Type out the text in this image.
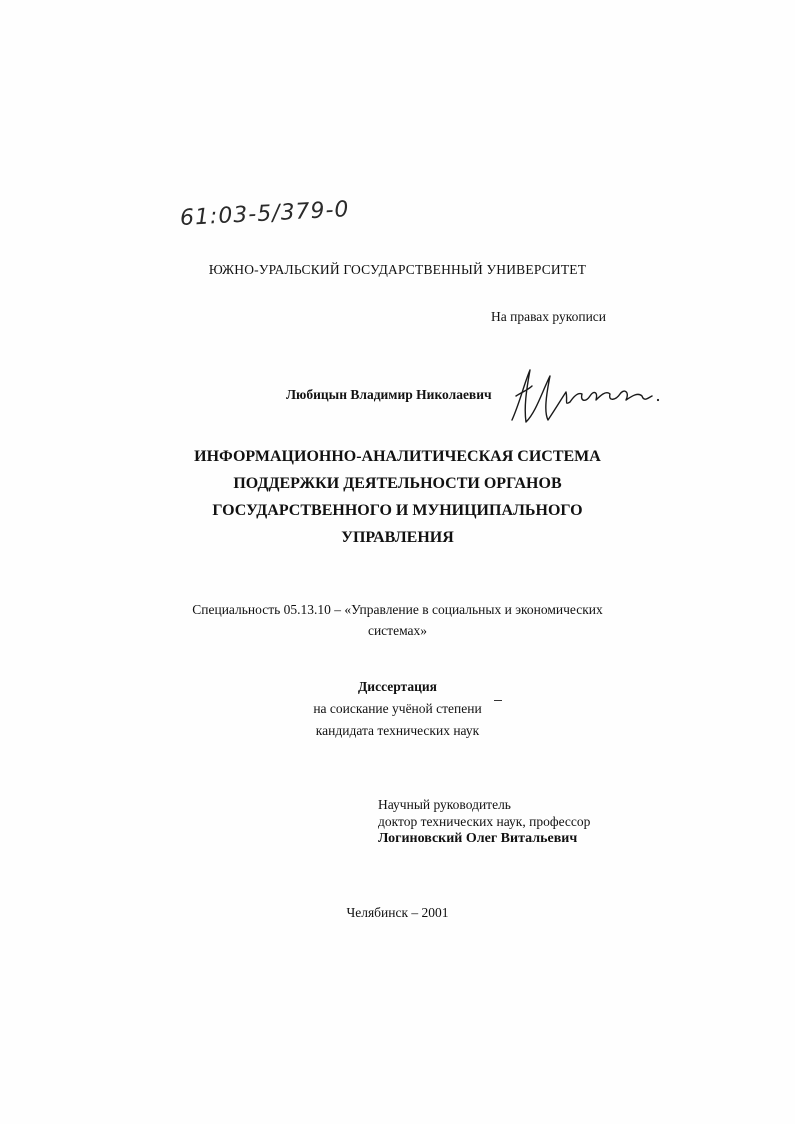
61:03-5/379-0
ЮЖНО-УРАЛЬСКИЙ ГОСУДАРСТВЕННЫЙ УНИВЕРСИТЕТ
На правах рукописи
Любицын Владимир Николаевич
ИНФОРМАЦИОННО-АНАЛИТИЧЕСКАЯ СИСТЕМА
ПОДДЕРЖКИ ДЕЯТЕЛЬНОСТИ ОРГАНОВ
ГОСУДАРСТВЕННОГО И МУНИЦИПАЛЬНОГО
УПРАВЛЕНИЯ
Специальность 05.13.10 – «Управление в социальных и экономических
системах»
Диссертация
на соискание учёной степени
кандидата технических наук
Научный руководитель
доктор технических наук, профессор
Логиновский Олег Витальевич
Челябинск – 2001
